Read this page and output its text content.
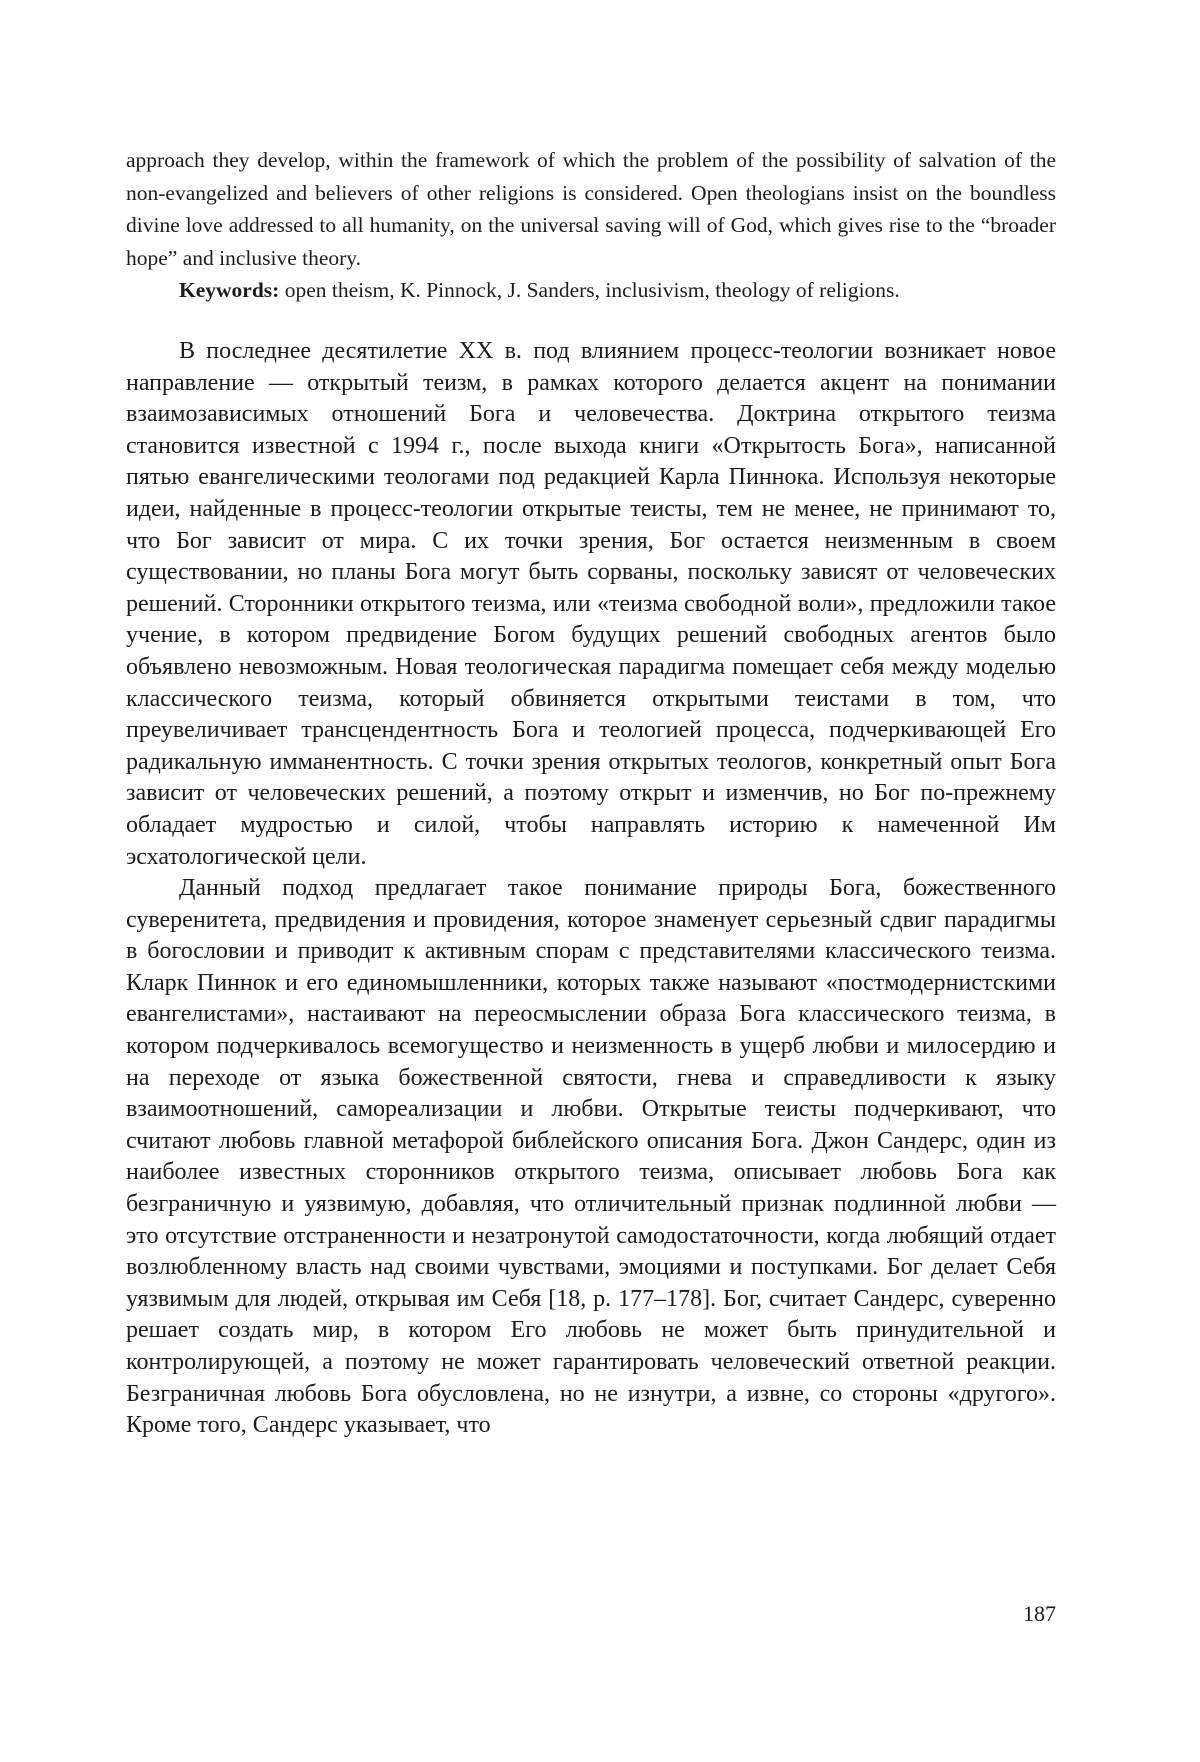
approach they develop, within the framework of which the problem of the possibility of salvation of the non-evangelized and believers of other religions is considered. Open theologians insist on the boundless divine love addressed to all humanity, on the universal saving will of God, which gives rise to the “broader hope” and inclusive theory.

Keywords: open theism, K. Pinnock, J. Sanders, inclusivism, theology of religions.

В последнее десятилетие XX в. под влиянием процесс-теологии возникает новое направление — открытый теизм, в рамках которого делается акцент на понимании взаимозависимых отношений Бога и человечества. Доктрина открытого теизма становится известной с 1994 г., после выхода книги «Открытость Бога», написанной пятью евангелическими теологами под редакцией Карла Пиннока. Используя некоторые идеи, найденные в процесс-теологии открытые теисты, тем не менее, не принимают то, что Бог зависит от мира. С их точки зрения, Бог остается неизменным в своем существовании, но планы Бога могут быть сорваны, поскольку зависят от человеческих решений. Сторонники открытого теизма, или «теизма свободной воли», предложили такое учение, в котором предвидение Богом будущих решений свободных агентов было объявлено невозможным. Новая теологическая парадигма помещает себя между моделью классического теизма, который обвиняется открытыми теистами в том, что преувеличивает трансцендентность Бога и теологией процесса, подчеркивающей Его радикальную имманентность. С точки зрения открытых теологов, конкретный опыт Бога зависит от человеческих решений, а поэтому открыт и изменчив, но Бог по-прежнему обладает мудростью и силой, чтобы направлять историю к намеченной Им эсхатологической цели.

Данный подход предлагает такое понимание природы Бога, божественного суверенитета, предвидения и провидения, которое знаменует серьезный сдвиг парадигмы в богословии и приводит к активным спорам с представителями классического теизма. Кларк Пиннок и его единомышленники, которых также называют «постмодернистскими евангелистами», настаивают на переосмыслении образа Бога классического теизма, в котором подчеркивалось всемогущество и неизменность в ущерб любви и милосердию и на переходе от языка божественной святости, гнева и справедливости к языку взаимоотношений, самореализации и любви. Открытые теисты подчеркивают, что считают любовь главной метафорой библейского описания Бога. Джон Сандерс, один из наиболее известных сторонников открытого теизма, описывает любовь Бога как безграничную и уязвимую, добавляя, что отличительный признак подлинной любви — это отсутствие отстраненности и незатронутой самодостаточности, когда любящий отдает возлюбленному власть над своими чувствами, эмоциями и поступками. Бог делает Себя уязвимым для людей, открывая им Себя [18, p. 177–178]. Бог, считает Сандерс, суверенно решает создать мир, в котором Его любовь не может быть принудительной и контролирующей, а поэтому не может гарантировать человеческий ответной реакции. Безграничная любовь Бога обусловлена, но не изнутри, а извне, со стороны «другого». Кроме того, Сандерс указывает, что

187
